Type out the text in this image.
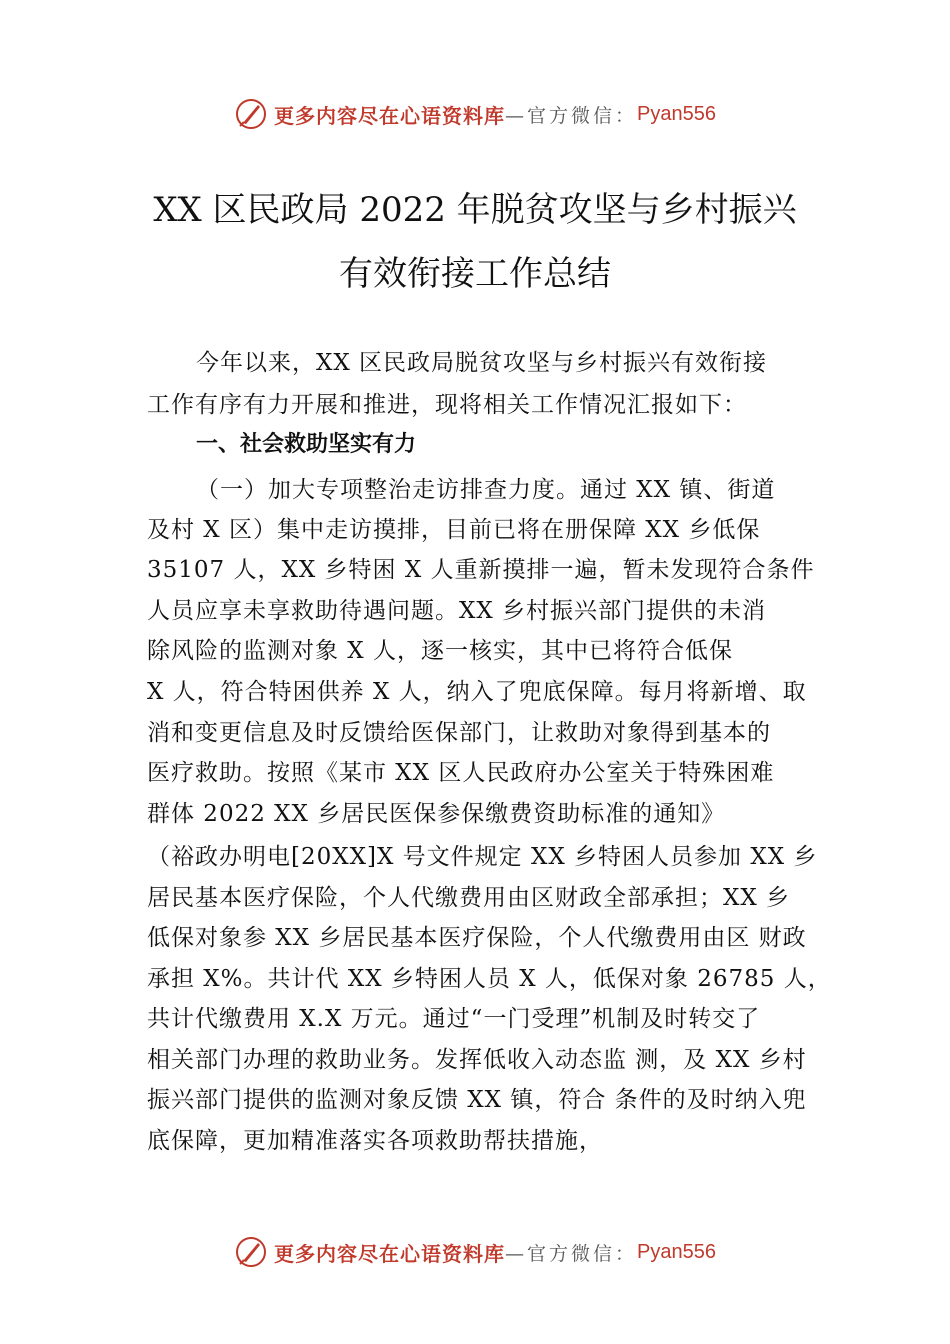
更多内容尽在心语资料库 —官方微信： Pyan556
XX 区民政局 2022 年脱贫攻坚与乡村振兴
有效衔接工作总结
今年以来，XX 区民政局脱贫攻坚与乡村振兴有效衔接
工作有序有力开展和推进，现将相关工作情况汇报如下：
一、社会救助坚实有力
（一）加大专项整治走访排查力度。通过 XX 镇、街道
及村 X 区）集中走访摸排，目前已将在册保障 XX 乡低保
35107 人，XX 乡特困 X 人重新摸排一遍，暂未发现符合条件
人员应享未享救助待遇问题。XX 乡村振兴部门提供的未消
除风险的监测对象 X 人，逐一核实，其中已将符合低保
X 人，符合特困供养 X 人，纳入了兜底保障。每月将新增、取
消和变更信息及时反馈给医保部门，让救助对象得到基本的
医疗救助。按照《某市 XX 区人民政府办公室关于特殊困难
群体 2022 XX 乡居民医保参保缴费资助标准的通知》
（裕政办明电[20XX]X 号文件规定 XX 乡特困人员参加 XX 乡
居民基本医疗保险，个人代缴费用由区财政全部承担；XX 乡
低保对象参 XX 乡居民基本医疗保险，个人代缴费用由区 财政
承担 X%。共计代 XX 乡特困人员 X 人，低保对象 26785 人，
共计代缴费用 X.X 万元。通过“一门受理”机制及时转交了
相关部门办理的救助业务。发挥低收入动态监 测，及 XX 乡村
振兴部门提供的监测对象反馈 XX 镇，符合 条件的及时纳入兜
底保障，更加精准落实各项救助帮扶措施，
更多内容尽在心语资料库 —官方微信： Pyan556
